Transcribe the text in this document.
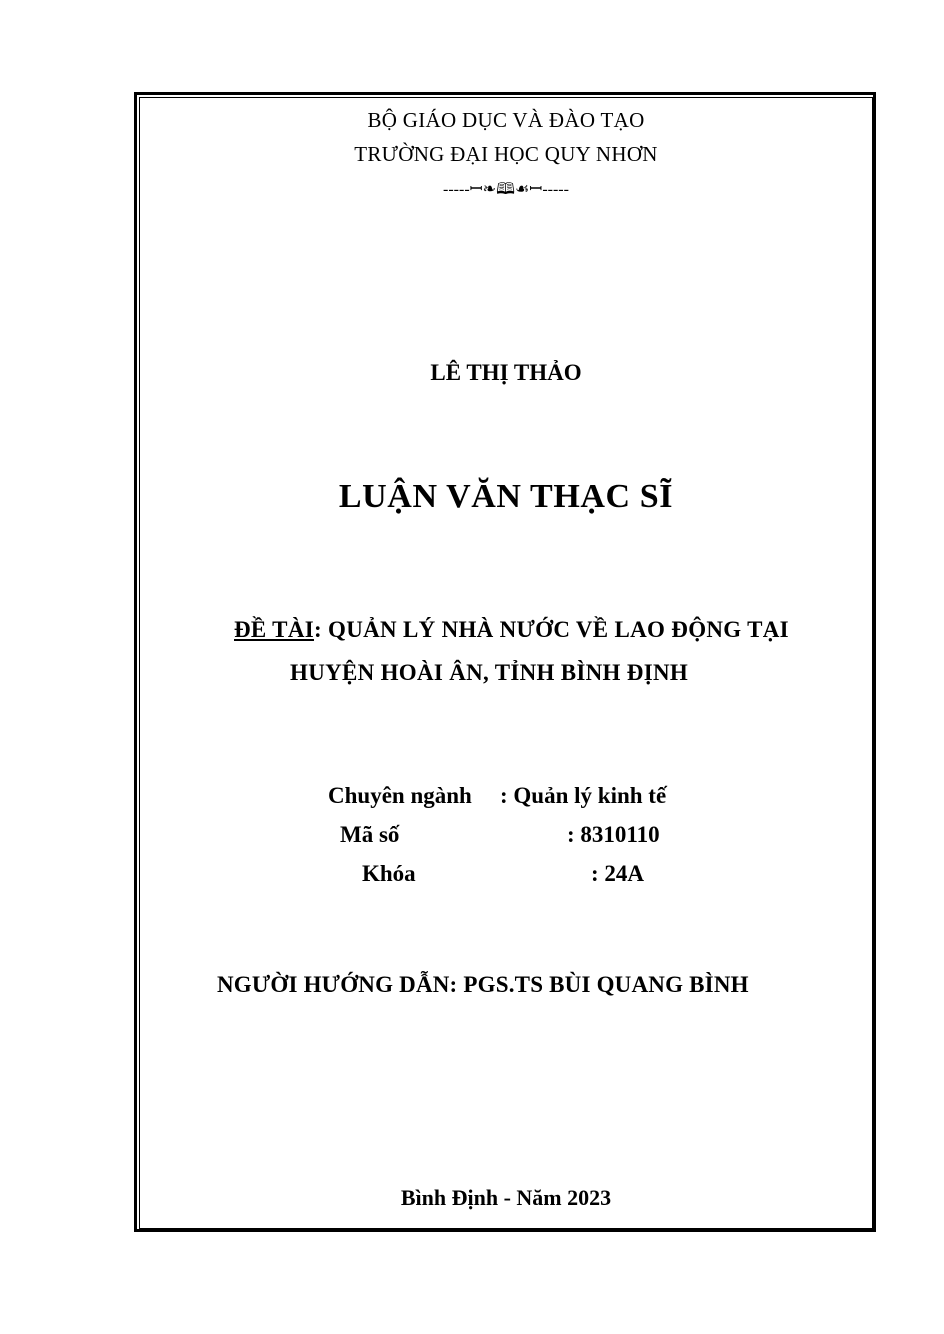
BỘ GIÁO DỤC VÀ ĐÀO TẠO
TRƯỜNG ĐẠI HỌC QUY NHƠN
-----ꟷ❧🕮☙ꟷ-----
LÊ THỊ THẢO
LUẬN VĂN THẠC SĨ
ĐỀ TÀI: QUẢN LÝ NHÀ NƯỚC VỀ LAO ĐỘNG TẠI
HUYỆN HOÀI ÂN, TỈNH BÌNH ĐỊNH
Chuyên ngành : Quản lý kinh tế
Mã số	: 8310110
Khóa	: 24A
NGƯỜI HƯỚNG DẪN: PGS.TS BÙI QUANG BÌNH
Bình Định - Năm 2023
